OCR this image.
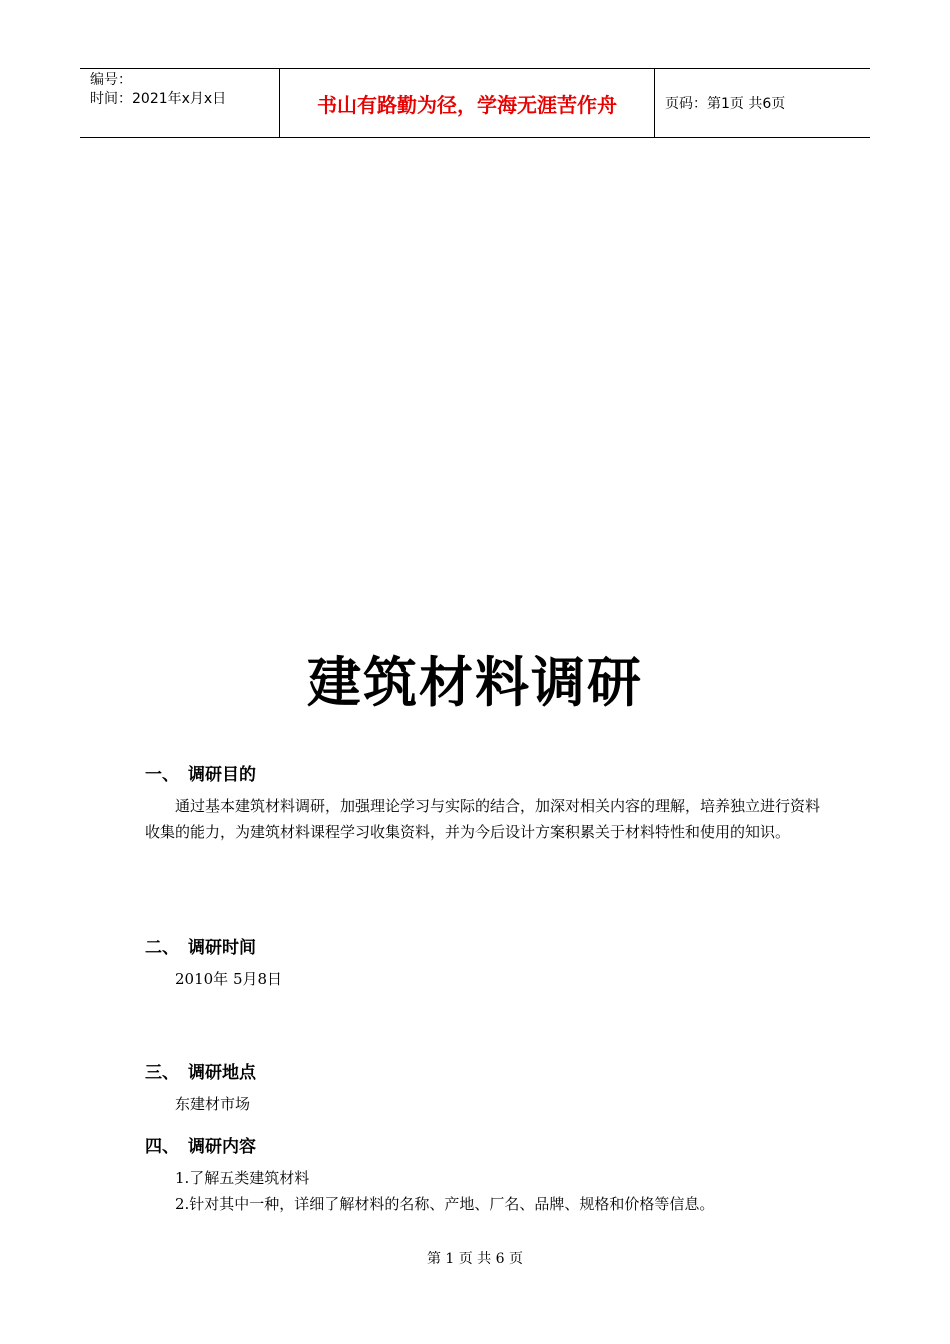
编号：
时间：2021年x月x日	书山有路勤为径，学海无涯苦作舟	页码：第1页 共6页
建筑材料调研
一、 调研目的
通过基本建筑材料调研，加强理论学习与实际的结合，加深对相关内容的理解，培养独立进行资料收集的能力，为建筑材料课程学习收集资料，并为今后设计方案积累关于材料特性和使用的知识。
二、 调研时间
2010年 5月8日
三、 调研地点
东建材市场
四、 调研内容
1.了解五类建筑材料
2.针对其中一种，详细了解材料的名称、产地、厂名、品牌、规格和价格等信息。
第 1 页 共 6 页
